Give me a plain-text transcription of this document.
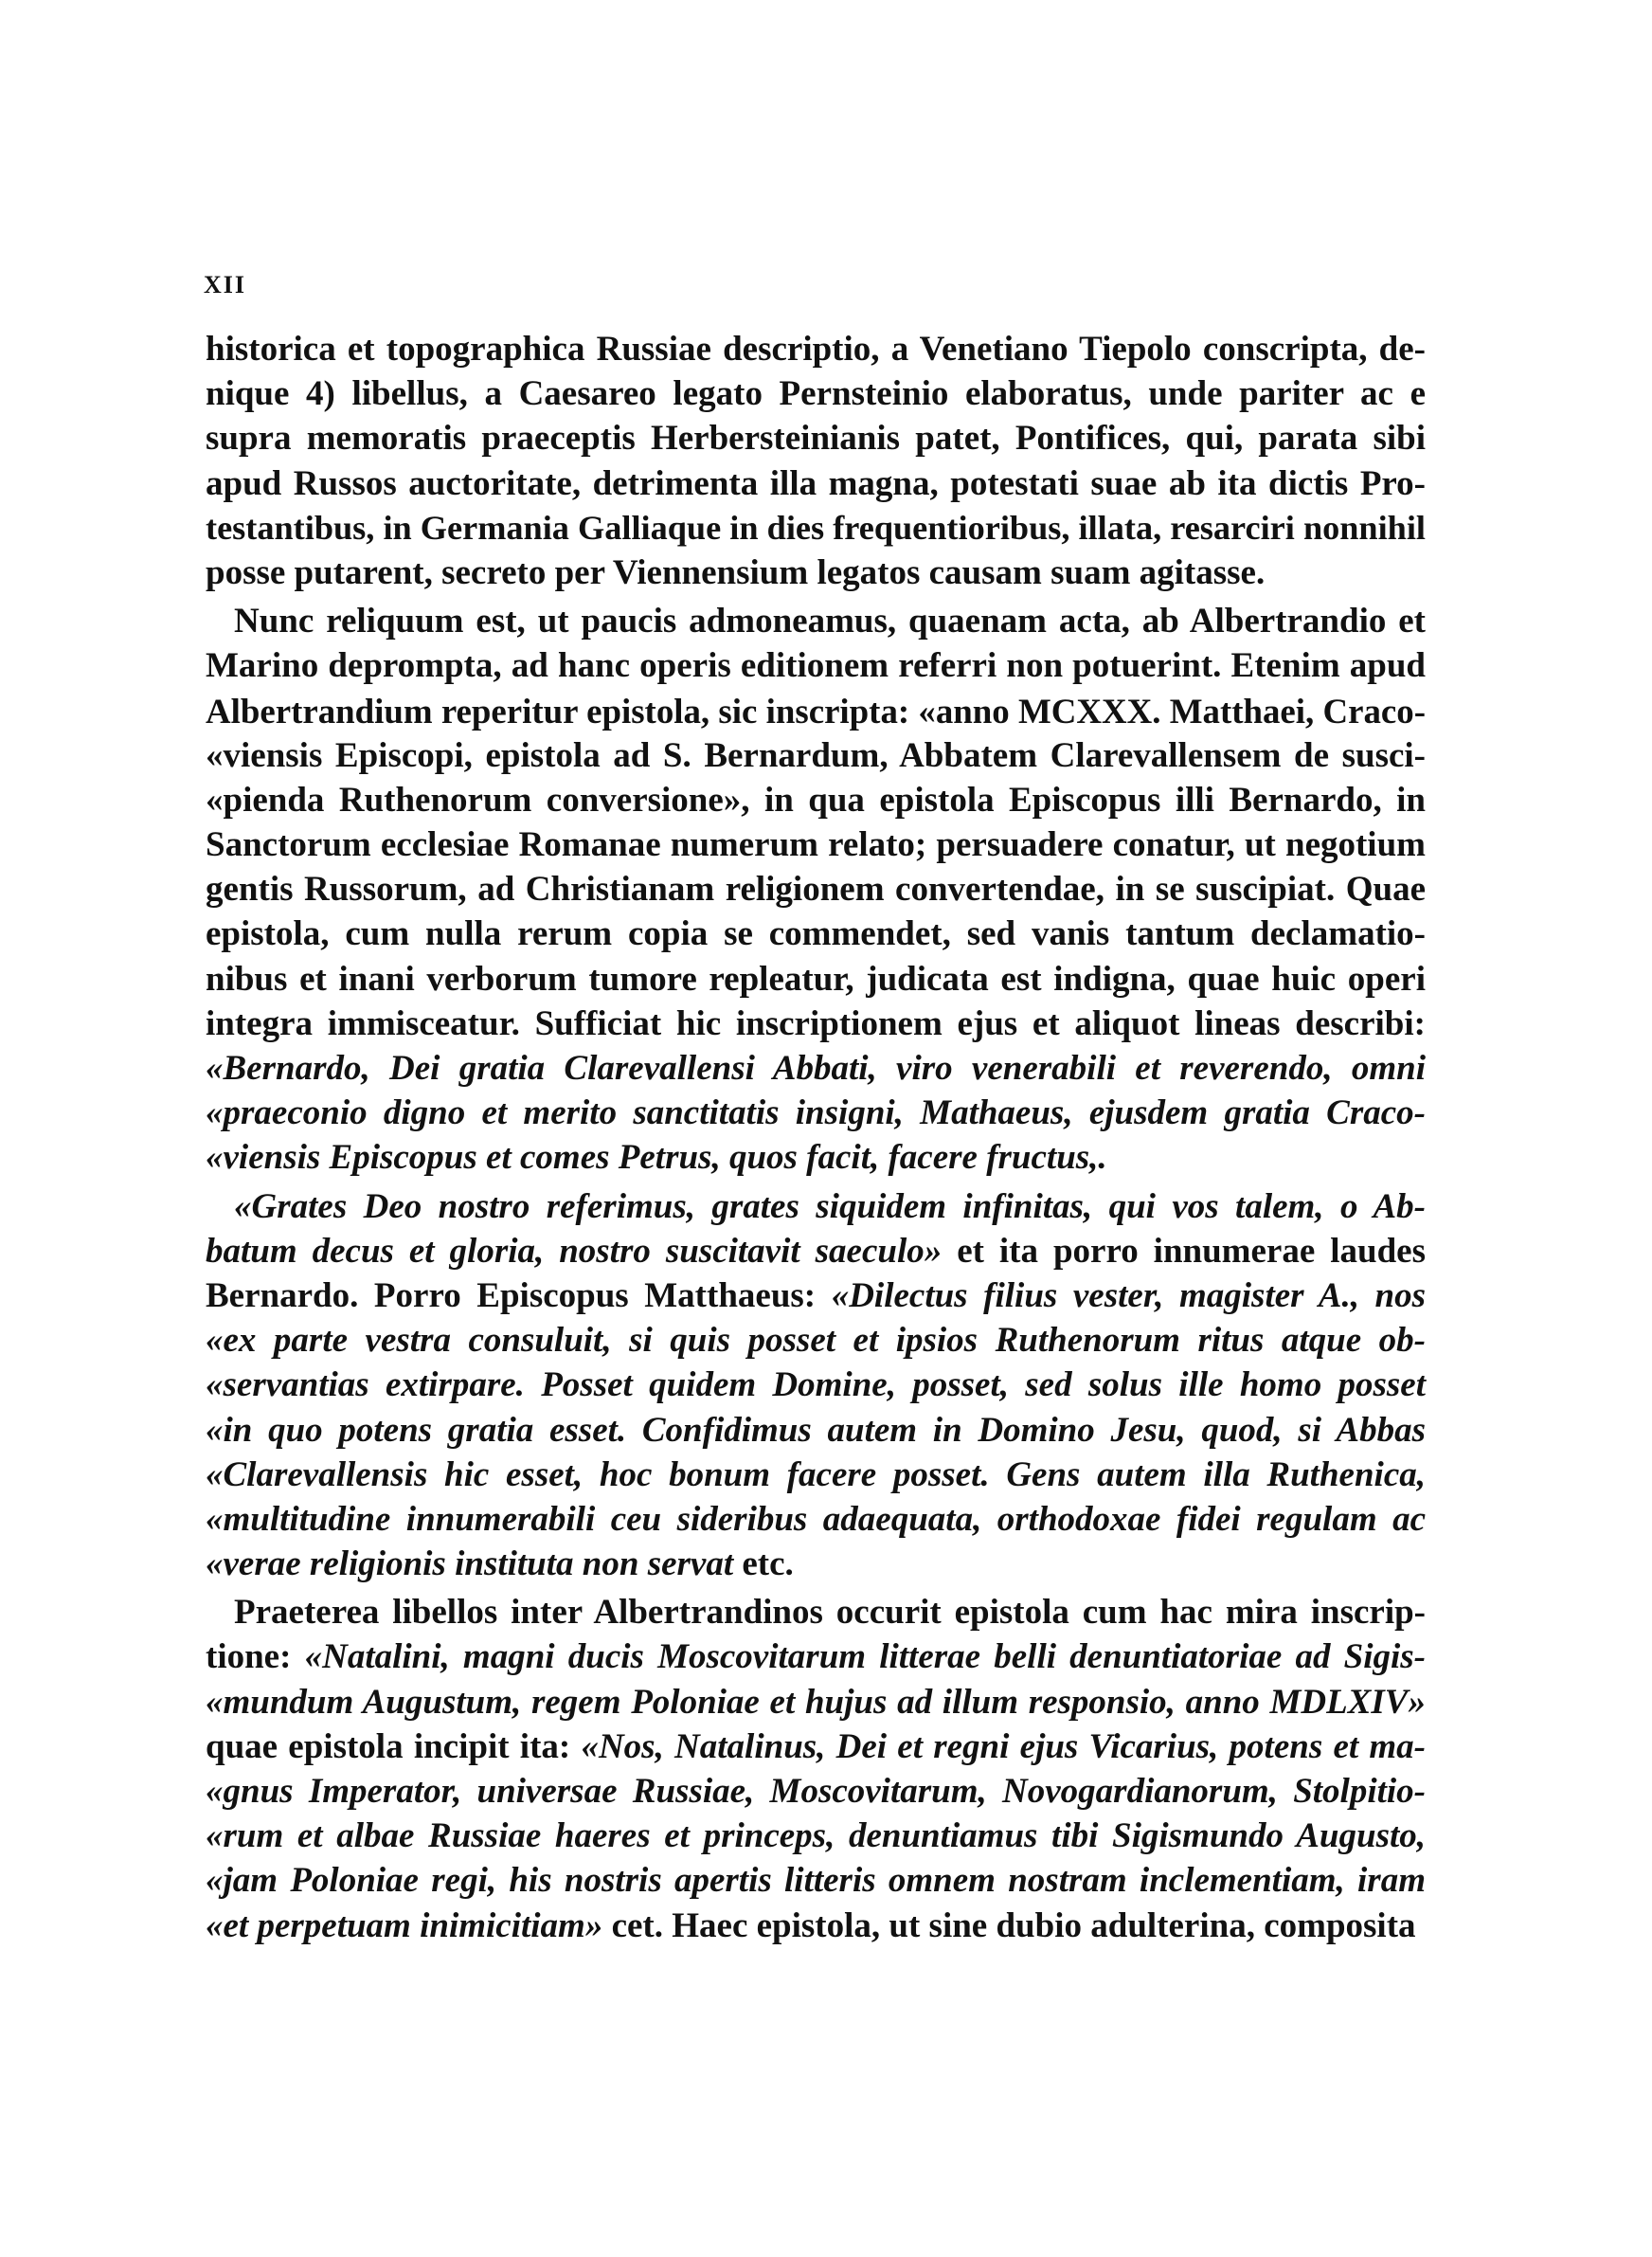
XII
historica et topographica Russiae descriptio, a Venetiano Tiepolo conscripta, de-
nique 4) libellus, a Caesareo legato Pernsteinio elaboratus, unde pariter ac e
supra memoratis praeceptis Herbersteinianis patet, Pontifices, qui, parata sibi
apud Russos auctoritate, detrimenta illa magna, potestati suae ab ita dictis Pro-
testantibus, in Germania Galliaque in dies frequentioribus, illata, resarciri nonnihil
posse putarent, secreto per Viennensium legatos causam suam agitasse.
Nunc reliquum est, ut paucis admoneamus, quaenam acta, ab Albertrandio et
Marino deprompta, ad hanc operis editionem referri non potuerint. Etenim apud
Albertrandium reperitur epistola, sic inscripta: «anno MCXXX. Matthaei, Craco-
«viensis Episcopi, epistola ad S. Bernardum, Abbatem Clarevallensem de susci-
«pienda Ruthenorum conversione», in qua epistola Episcopus illi Bernardo, in
Sanctorum ecclesiae Romanae numerum relato; persuadere conatur, ut negotium
gentis Russorum, ad Christianam religionem convertendae, in se suscipiat. Quae
epistola, cum nulla rerum copia se commendet, sed vanis tantum declamatio-
nibus et inani verborum tumore repleatur, judicata est indigna, quae huic operi
integra immisceatur. Sufficiat hic inscriptionem ejus et aliquot lineas describi:
«Bernardo, Dei gratia Clarevallensi Abbati, viro venerabili et reverendo, omni
«praeconio digno et merito sanctitatis insigni, Mathaeus, ejusdem gratia Craco-
«viensis Episcopus et comes Petrus, quos facit, facere fructus,.
«Grates Deo nostro referimus, grates siquidem infinitas, qui vos talem, o Ab-
batum decus et gloria, nostro suscitavit saeculo» et ita porro innumerae laudes
Bernardo. Porro Episcopus Matthaeus: «Dilectus filius vester, magister A., nos
«ex parte vestra consuluit, si quis posset et ipsios Ruthenorum ritus atque ob-
«servantias extirpare. Posset quidem Domine, posset, sed solus ille homo posset
«in quo potens gratia esset. Confidimus autem in Domino Jesu, quod, si Abbas
«Clarevallensis hic esset, hoc bonum facere posset. Gens autem illa Ruthenica,
«multitudine innumerabili ceu sideribus adaequata, orthodoxae fidei regulam ac
«verae religionis instituta non servat etc.
Praeterea libellos inter Albertrandinos occurit epistola cum hac mira inscrip-
tione: «Natalini, magni ducis Moscovitarum litterae belli denuntiatoriae ad Sigis-
«mundum Augustum, regem Poloniae et hujus ad illum responsio, anno MDLXIV»
quae epistola incipit ita: «Nos, Natalinus, Dei et regni ejus Vicarius, potens et ma-
«gnus Imperator, universae Russiae, Moscovitarum, Novogardianorum, Stolpitio-
«rum et albae Russiae haeres et princeps, denuntiamus tibi Sigismundo Augusto,
«jam Poloniae regi, his nostris apertis litteris omnem nostram inclementiam, iram
«et perpetuam inimicitiam» cet. Haec epistola, ut sine dubio adulterina, composita
